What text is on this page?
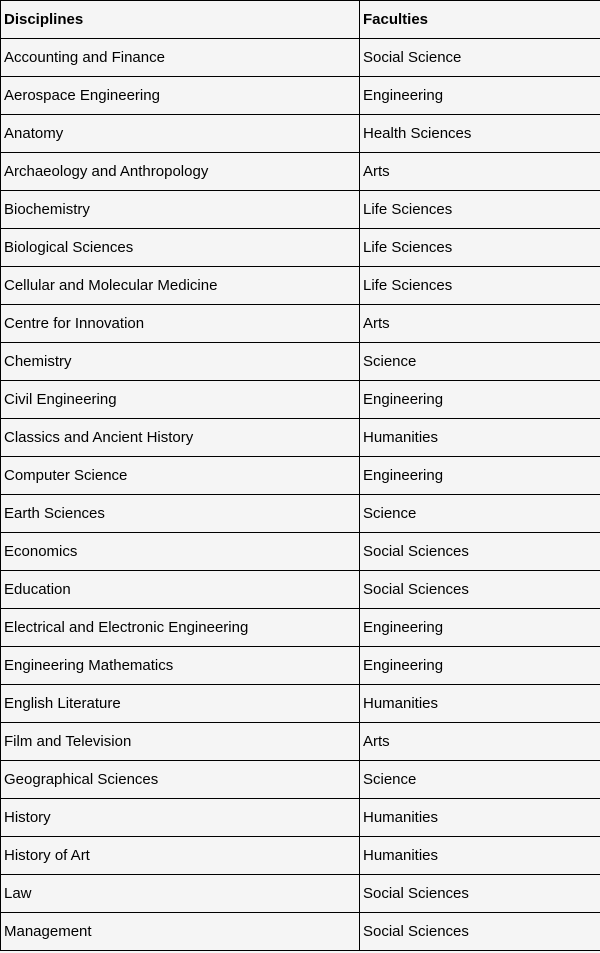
Disciplines	Faculties
Accounting and Finance	Social Science
Aerospace Engineering	Engineering
Anatomy	Health Sciences
Archaeology and Anthropology	Arts
Biochemistry	Life Sciences
Biological Sciences	Life Sciences
Cellular and Molecular Medicine	Life Sciences
Centre for Innovation	Arts
Chemistry	Science
Civil Engineering	Engineering
Classics and Ancient History	Humanities
Computer Science	Engineering
Earth Sciences	Science
Economics	Social Sciences
Education	Social Sciences
Electrical and Electronic Engineering	Engineering
Engineering Mathematics	Engineering
English Literature	Humanities
Film and Television	Arts
Geographical Sciences	Science
History	Humanities
History of Art	Humanities
Law	Social Sciences
Management	Social Sciences
